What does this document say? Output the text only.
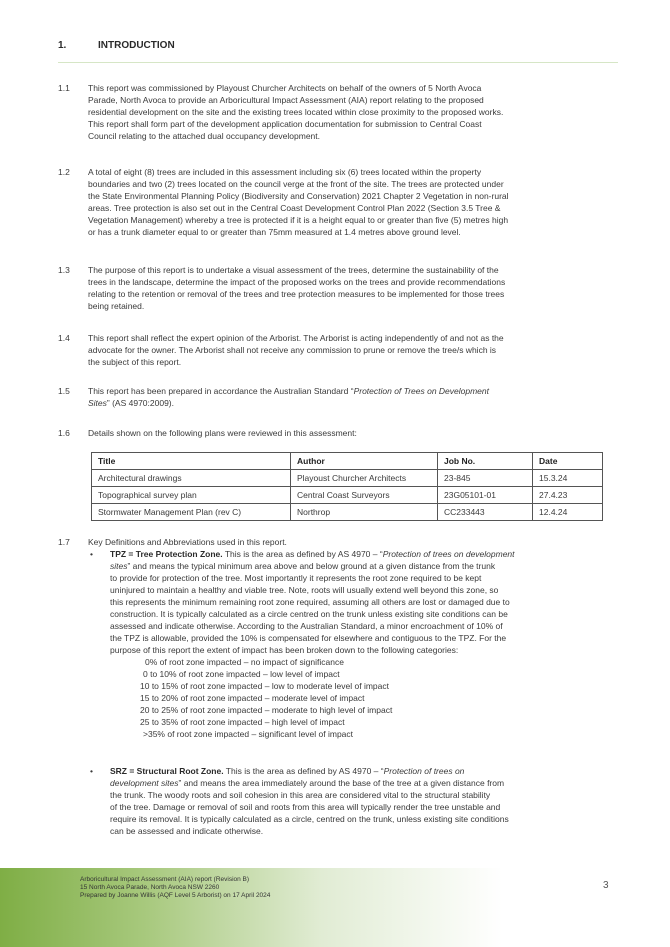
1.	INTRODUCTION
1.1	This report was commissioned by Playoust Churcher Architects on behalf of the owners of 5 North Avoca
Parade, North Avoca to provide an Arboricultural Impact Assessment (AIA) report relating to the proposed
residential development on the site and the existing trees located within close proximity to the proposed works.
This report shall form part of the development application documentation for submission to Central Coast
Council relating to the attached dual occupancy development.
1.2	A total of eight (8) trees are included in this assessment including six (6) trees located within the property
boundaries and two (2) trees located on the council verge at the front of the site. The trees are protected under
the State Environmental Planning Policy (Biodiversity and Conservation) 2021 Chapter 2 Vegetation in non-rural
areas. Tree protection is also set out in the Central Coast Development Control Plan 2022 (Section 3.5 Tree &
Vegetation Management) whereby a tree is protected if it is a height equal to or greater than five (5) metres high
or has a trunk diameter equal to or greater than 75mm measured at 1.4 metres above ground level.
1.3	The purpose of this report is to undertake a visual assessment of the trees, determine the sustainability of the
trees in the landscape, determine the impact of the proposed works on the trees and provide recommendations
relating to the retention or removal of the trees and tree protection measures to be implemented for those trees
being retained.
1.4	This report shall reflect the expert opinion of the Arborist. The Arborist is acting independently of and not as the
advocate for the owner. The Arborist shall not receive any commission to prune or remove the tree/s which is
the subject of this report.
1.5	This report has been prepared in accordance the Australian Standard “Protection of Trees on Development
Sites” (AS 4970:2009).
1.6	Details shown on the following plans were reviewed in this assessment:
Title	Author	Job No.	Date
Architectural drawings	Playoust Churcher Architects	23-845	15.3.24
Topographical survey plan	Central Coast Surveyors	23G05101-01	27.4.23
Stormwater Management Plan (rev C)	Northrop	CC233443	12.4.24
1.7	Key Definitions and Abbreviations used in this report.
• TPZ = Tree Protection Zone. This is the area as defined by AS 4970 – “Protection of trees on development
sites” and means the typical minimum area above and below ground at a given distance from the trunk
to provide for protection of the tree. Most importantly it represents the root zone required to be kept
uninjured to maintain a healthy and viable tree. Note, roots will usually extend well beyond this zone, so
this represents the minimum remaining root zone required, assuming all others are lost or damaged due to
construction. It is typically calculated as a circle centred on the trunk unless existing site conditions can be
assessed and indicate otherwise. According to the Australian Standard, a minor encroachment of 10% of
the TPZ is allowable, provided the 10% is compensated for elsewhere and contiguous to the TPZ. For the
purpose of this report the extent of impact has been broken down to the following categories:
0% of root zone impacted – no impact of significance
0 to 10% of root zone impacted – low level of impact
10 to 15% of root zone impacted – low to moderate level of impact
15 to 20% of root zone impacted – moderate level of impact
20 to 25% of root zone impacted – moderate to high level of impact
25 to 35% of root zone impacted – high level of impact
>35% of root zone impacted – significant level of impact
• SRZ = Structural Root Zone. This is the area as defined by AS 4970 – “Protection of trees on
development sites” and means the area immediately around the base of the tree at a given distance from
the trunk. The woody roots and soil cohesion in this area are considered vital to the structural stability
of the tree. Damage or removal of soil and roots from this area will typically render the tree unstable and
require its removal. It is typically calculated as a circle, centred on the trunk, unless existing site conditions
can be assessed and indicate otherwise.
Arboricultural Impact Assessment (AIA) report (Revision B)
15 North Avoca Parade, North Avoca NSW 2260
Prepared by Joanne Willis (AQF Level 5 Arborist) on 17 April 2024
3
